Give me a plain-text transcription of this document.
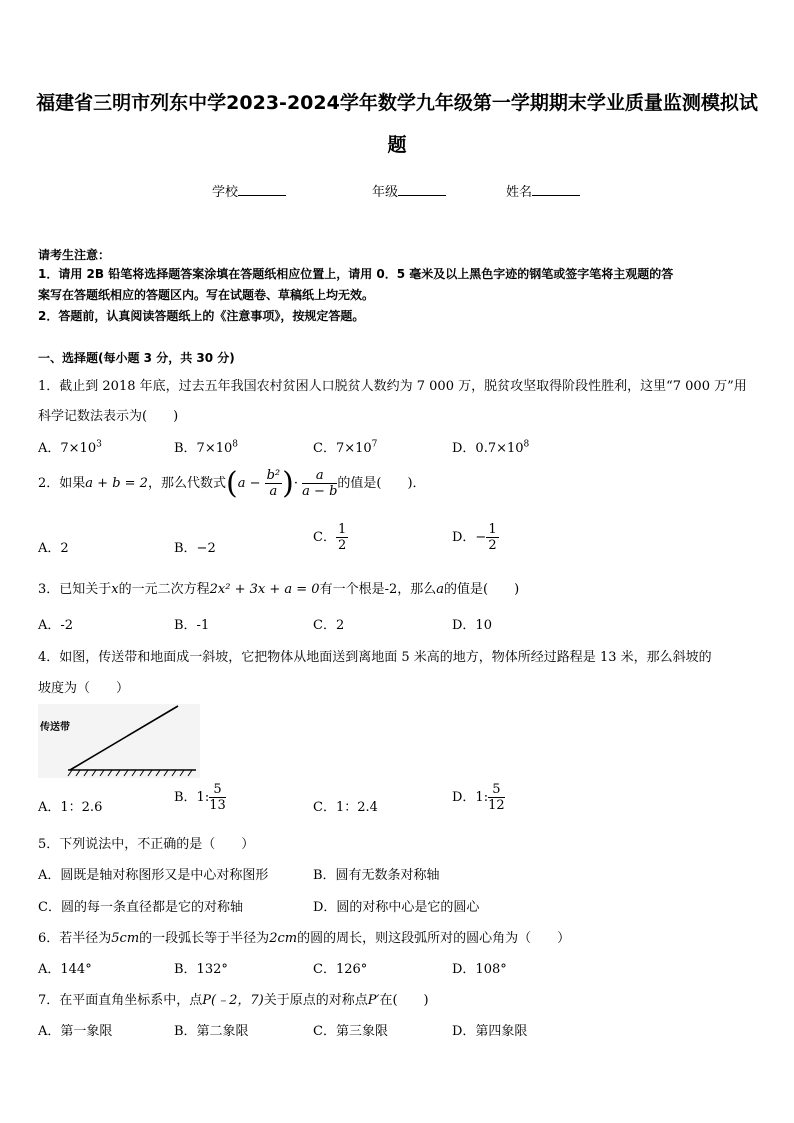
福建省三明市列东中学2023-2024学年数学九年级第一学期期末学业质量监测模拟试
题
学校	年级	姓名
请考生注意：
1．请用 2B 铅笔将选择题答案涂填在答题纸相应位置上，请用 0．5 毫米及以上黑色字迹的钢笔或签字笔将主观题的答
案写在答题纸相应的答题区内。写在试题卷、草稿纸上均无效。
2．答题前，认真阅读答题纸上的《注意事项》，按规定答题。
一、选择题(每小题 3 分，共 30 分)
1．截止到 2018 年底，过去五年我国农村贫困人口脱贫人数约为 7 000 万，脱贫攻坚取得阶段性胜利，这里“7 000 万”用
科学记数法表示为(　　)
A．$7\times 10^3$	B．$7\times 10^8$	C．$7\times 10^7$	D．$0.7\times 10^8$
2．如果a + b = 2，那么代数式($a - \frac{\text{b²}}{a}$ )· $\frac{a}{a - b}$ 的值是(　　)．
A．2	B．−2
C． $\frac{1}{2}$	D．− $\frac{1}{2}$
3．已知关于x的一元二次方程2x² + 3x + a = 0有一个根是-2，那么a的值是(　　)
A．-2	B．-1	C．2	D．10
4．如图，传送带和地面成一斜坡，它把物体从地面送到离地面 5 米高的地方，物体所经过路程是 13 米，那么斜坡的
坡度为（　　）
传送带
A．1：2.6
B．1: $\frac{5}{13}$	C．1：2.4
D．1: $\frac{5}{12}$
5．下列说法中，不正确的是（　　）
A．圆既是轴对称图形又是中心对称图形	B．圆有无数条对称轴
C．圆的每一条直径都是它的对称轴	D．圆的对称中心是它的圆心
6．若半径为5cm的一段弧长等于半径为2cm的圆的周长，则这段弧所对的圆心角为（　　）
A．144°	B．132°	C．126°	D．108°
7．在平面直角坐标系中，点P(﹣2，7)关于原点的对称点P′在(　　)
A．第一象限	B．第二象限	C．第三象限	D．第四象限
